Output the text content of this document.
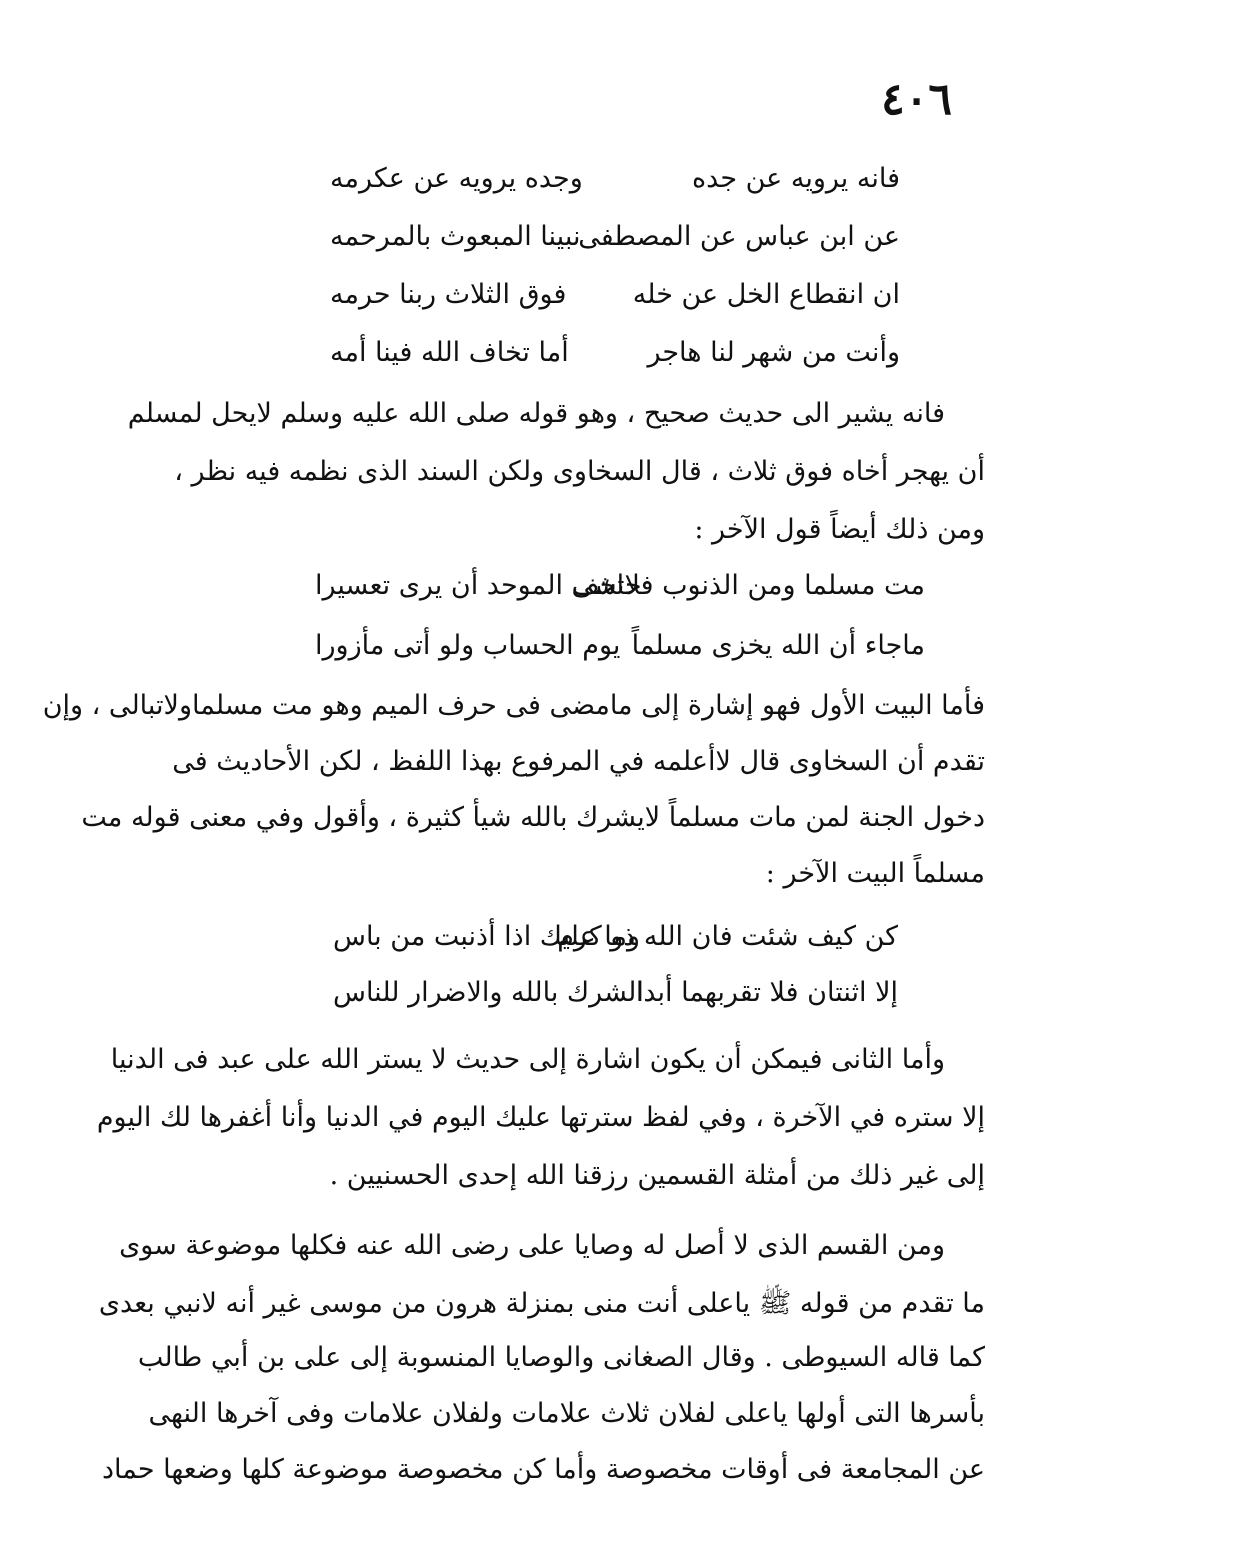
٤٠٦
فانه يرويه عن جده
وجده يرويه عن عكرمه
عن ابن عباس عن المصطفى
نبينا المبعوث بالمرحمه
ان انقطاع الخل عن خله
فوق الثلاث ربنا حرمه
وأنت من شهر لنا هاجر
أما تخاف الله فينا أمه
فانه يشير الى حديث صحيح ، وهو قوله صلى الله عليه وسلم لايحل لمسلم
أن يهجر أخاه فوق ثلاث ، قال السخاوى ولكن السند الذى نظمه فيه نظر ،
ومن ذلك أيضاً قول الآخر :
مت مسلما ومن الذنوب فلاتخف
حاشى الموحد أن يرى تعسيرا
ماجاء أن الله يخزى مسلماً
يوم الحساب ولو أتى مأزورا
فأما البيت الأول فهو إشارة إلى مامضى فى حرف الميم وهو مت مسلماولاتبالى ، وإن
تقدم أن السخاوى قال لاأعلمه في المرفوع بهذا اللفظ ، لكن الأحاديث فى
دخول الجنة لمن مات مسلماً لايشرك بالله شيأ كثيرة ، وأقول وفي معنى قوله مت
مسلماً البيت الآخر :
كن كيف شئت فان الله ذو كرم
وما عليك اذا أذنبت من باس
إلا اثنتان فلا تقربهما أبدا
الشرك بالله والاضرار للناس
وأما الثانى فيمكن أن يكون اشارة إلى حديث لا يستر الله على عبد فى الدنيا
إلا ستره في الآخرة ، وفي لفظ سترتها عليك اليوم في الدنيا وأنا أغفرها لك اليوم
إلى غير ذلك من أمثلة القسمين رزقنا الله إحدى الحسنيين .
ومن القسم الذى لا أصل له وصايا على رضى الله عنه فكلها موضوعة سوى
ما تقدم من قوله ﷺ ياعلى أنت منى بمنزلة هرون من موسى غير أنه لانبي بعدى
كما قاله السيوطى . وقال الصغانى والوصايا المنسوبة إلى على بن أبي طالب
بأسرها التى أولها ياعلى لفلان ثلاث علامات ولفلان علامات وفى آخرها النهى
عن المجامعة فى أوقات مخصوصة وأما كن مخصوصة موضوعة كلها وضعها حماد
